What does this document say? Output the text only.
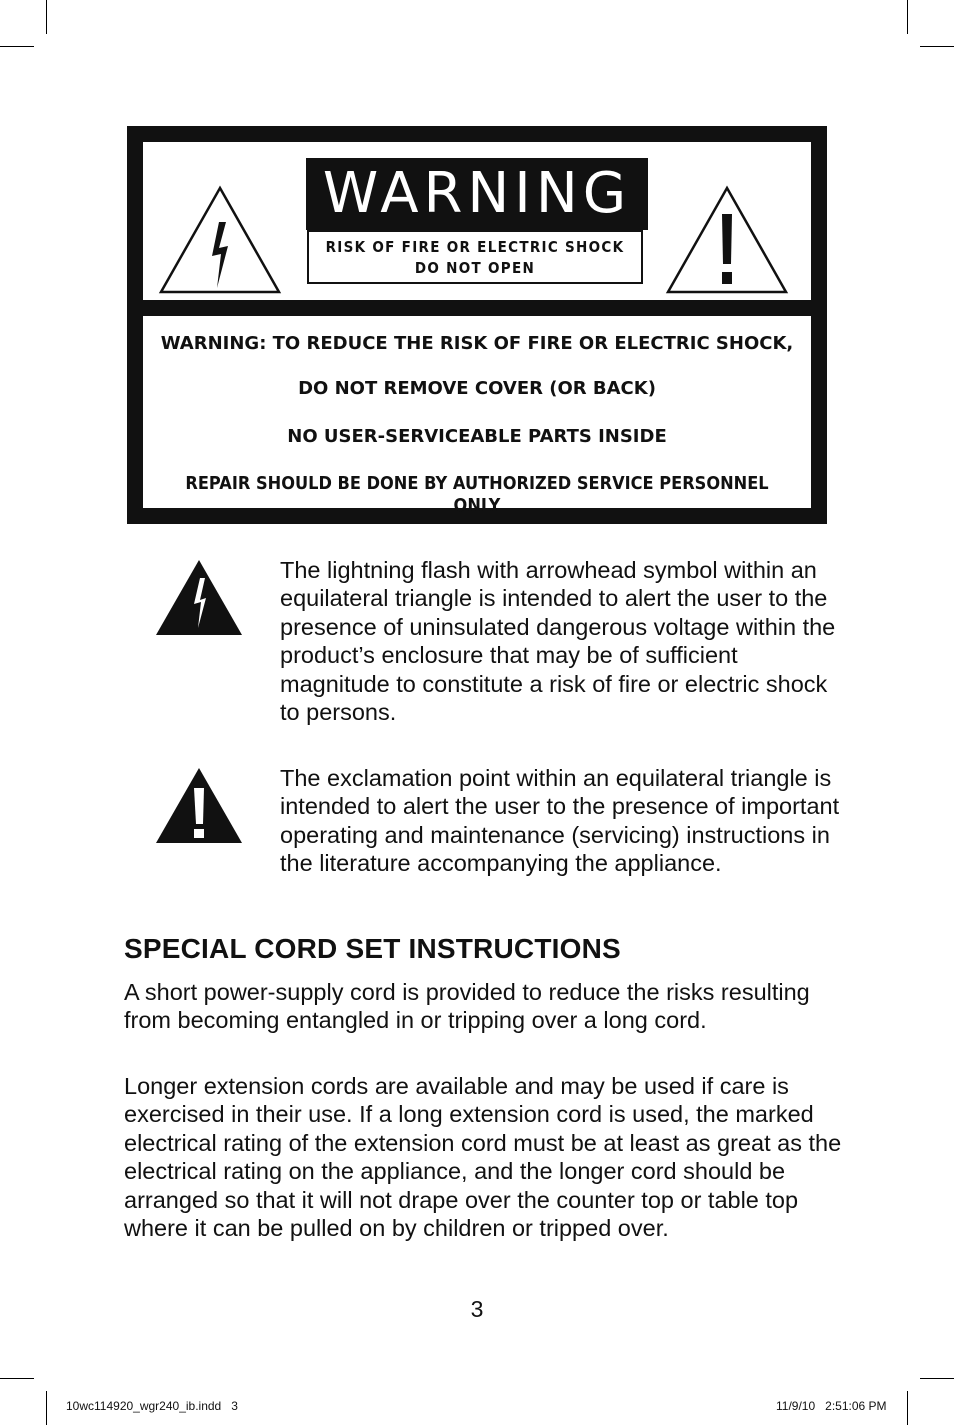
WARNING
RISK OF FIRE OR ELECTRIC SHOCK
DO NOT OPEN
WARNING: TO REDUCE THE RISK OF FIRE OR ELECTRIC SHOCK,
DO NOT REMOVE COVER (OR BACK)
NO USER-SERVICEABLE PARTS INSIDE
REPAIR SHOULD BE DONE BY AUTHORIZED SERVICE PERSONNEL ONLY
The lightning flash with arrowhead symbol within an equilateral triangle is intended to alert the user to the presence of uninsulated dangerous voltage within the product’s enclosure that may be of sufficient magnitude to constitute a risk of fire or electric shock to persons.
The exclamation point within an equilateral triangle is intended to alert the user to the presence of important operating and maintenance (servicing) instructions in the literature accompanying the appliance.
SPECIAL CORD SET INSTRUCTIONS

A short power-supply cord is provided to reduce the risks resulting from becoming entangled in or tripping over a long cord.

Longer extension cords are available and may be used if care is exercised in their use. If a long extension cord is used, the marked electrical rating of the extension cord must be at least as great as the electrical rating on the appliance, and the longer cord should be arranged so that it will not drape over the counter top or table top where it can be pulled on by children or tripped over.

3
10wc114920_wgr240_ib.indd   3	11/9/10   2:51:06 PM
